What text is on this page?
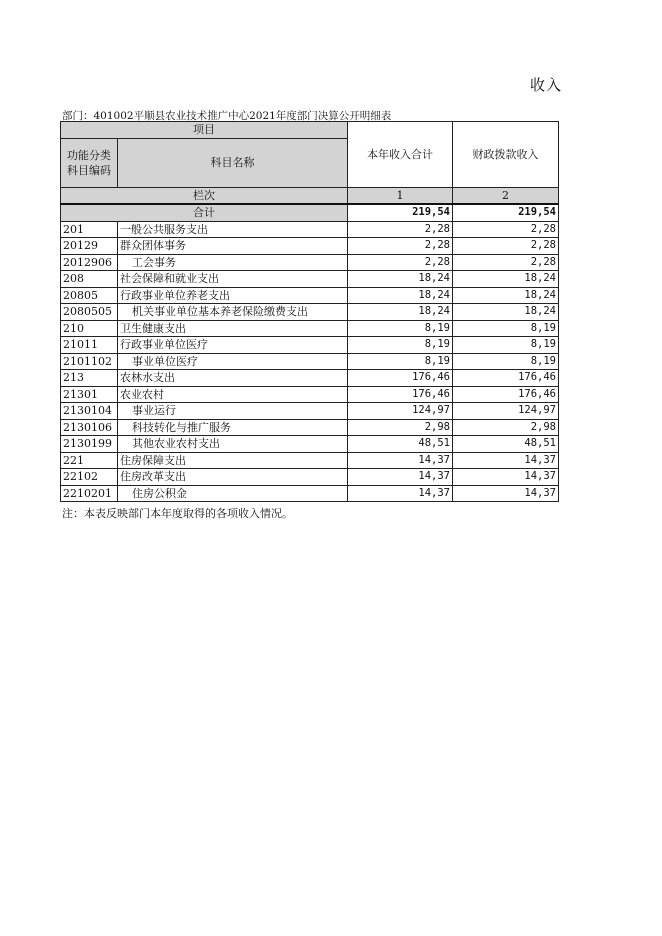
收入
部门：401002平顺县农业技术推广中心2021年度部门决算公开明细表
项目		本年收入合计	财政拨款收入

功能分类
科目编码	科目名称		

栏次		1	2
合计		219,54	219,54
201	一般公共服务支出	2,28	2,28
20129	群众团体事务	2,28	2,28
2012906	工会事务	2,28	2,28
208	社会保障和就业支出	18,24	18,24
20805	行政事业单位养老支出	18,24	18,24
2080505	机关事业单位基本养老保险缴费支出	18,24	18,24
210	卫生健康支出	8,19	8,19
21011	行政事业单位医疗	8,19	8,19
2101102	事业单位医疗	8,19	8,19
213	农林水支出	176,46	176,46
21301	农业农村	176,46	176,46
2130104	事业运行	124,97	124,97
2130106	科技转化与推广服务	2,98	2,98
2130199	其他农业农村支出	48,51	48,51
221	住房保障支出	14,37	14,37
22102	住房改革支出	14,37	14,37
2210201	住房公积金	14,37	14,37
注：本表反映部门本年度取得的各项收入情况。
